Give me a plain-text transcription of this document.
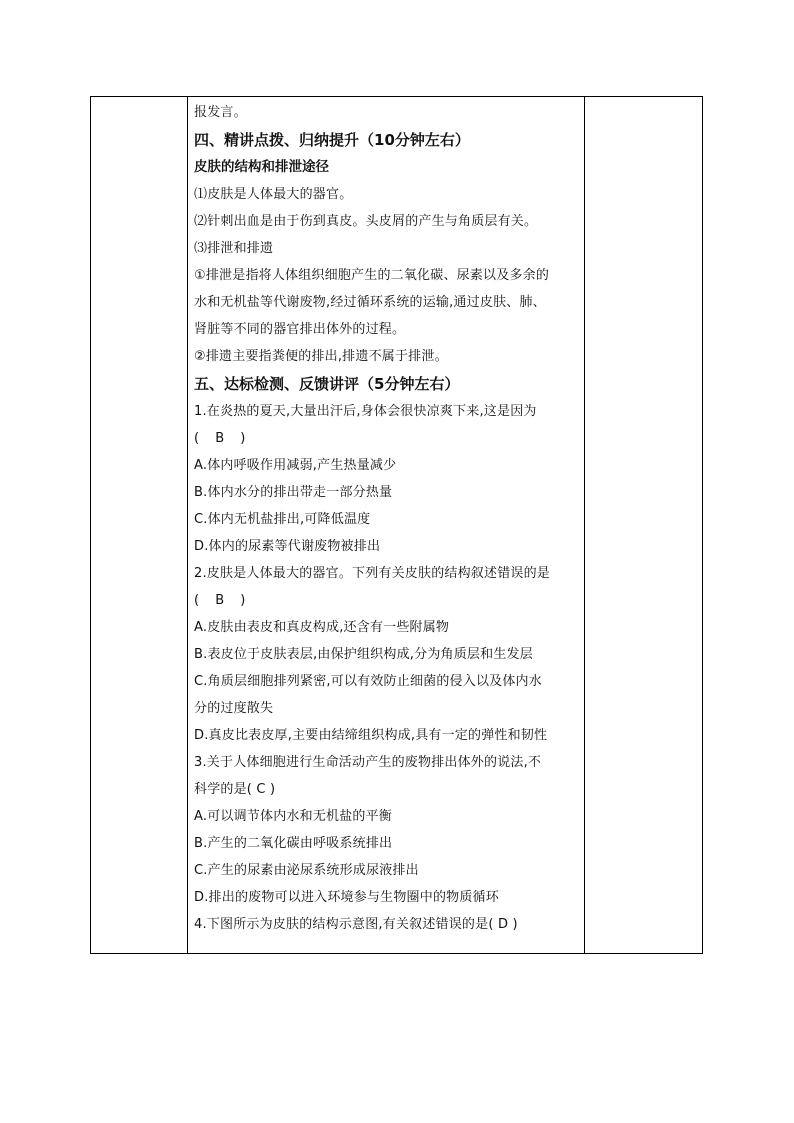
报发言。
四、精讲点拨、归纳提升（10分钟左右）
皮肤的结构和排泄途径
⑴皮肤是人体最大的器官。
⑵针刺出血是由于伤到真皮。头皮屑的产生与角质层有关。
⑶排泄和排遗
①排泄是指将人体组织细胞产生的二氧化碳、尿素以及多余的
水和无机盐等代谢废物,经过循环系统的运输,通过皮肤、肺、
肾脏等不同的器官排出体外的过程。
②排遗主要指粪便的排出,排遗不属于排泄。
五、达标检测、反馈讲评（5分钟左右）
1.在炎热的夏天,大量出汗后,身体会很快凉爽下来,这是因为
( B )
A.体内呼吸作用减弱,产生热量减少
B.体内水分的排出带走一部分热量
C.体内无机盐排出,可降低温度
D.体内的尿素等代谢废物被排出
2.皮肤是人体最大的器官。下列有关皮肤的结构叙述错误的是
( B )
A.皮肤由表皮和真皮构成,还含有一些附属物
B.表皮位于皮肤表层,由保护组织构成,分为角质层和生发层
C.角质层细胞排列紧密,可以有效防止细菌的侵入以及体内水
分的过度散失
D.真皮比表皮厚,主要由结缔组织构成,具有一定的弹性和韧性
3.关于人体细胞进行生命活动产生的废物排出体外的说法,不
科学的是( C )
A.可以调节体内水和无机盐的平衡
B.产生的二氧化碳由呼吸系统排出
C.产生的尿素由泌尿系统形成尿液排出
D.排出的废物可以进入环境参与生物圈中的物质循环
4.下图所示为皮肤的结构示意图,有关叙述错误的是( D )
